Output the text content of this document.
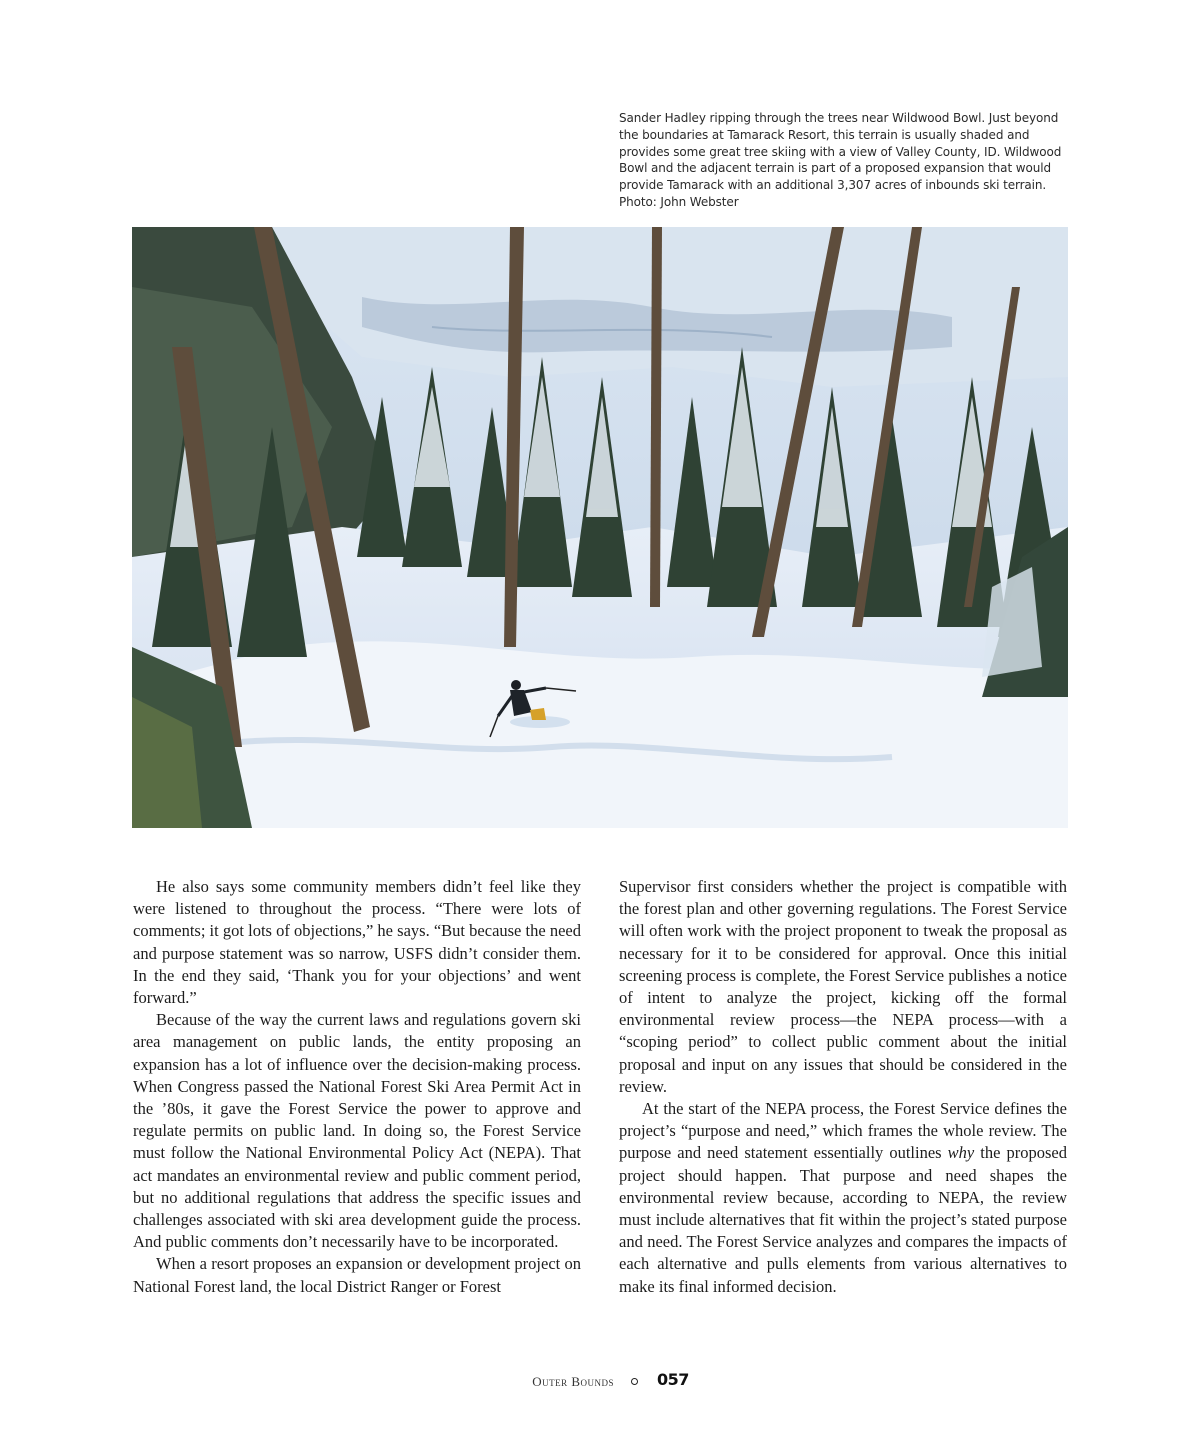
Sander Hadley ripping through the trees near Wildwood Bowl. Just beyond the boundaries at Tamarack Resort, this terrain is usually shaded and provides some great tree skiing with a view of Valley County, ID. Wildwood Bowl and the adjacent terrain is part of a proposed expansion that would provide Tamarack with an additional 3,307 acres of inbounds ski terrain.
Photo: John Webster

He also says some community members didn’t feel like they were listened to throughout the process. “There were lots of comments; it got lots of objections,” he says. “But because the need and purpose statement was so narrow, USFS didn’t consider them. In the end they said, ‘Thank you for your objections’ and went forward.”

Because of the way the current laws and regulations govern ski area management on public lands, the entity proposing an expansion has a lot of influence over the decision-making process. When Congress passed the National Forest Ski Area Permit Act in the ’80s, it gave the Forest Service the power to approve and regulate permits on public land. In doing so, the Forest Service must follow the National Environmental Policy Act (NEPA). That act mandates an environmental review and public comment period, but no additional regulations that address the specific issues and challenges associated with ski area development guide the process. And public comments don’t necessarily have to be incorporated.

When a resort proposes an expansion or development project on National Forest land, the local District Ranger or Forest

Supervisor first considers whether the project is compatible with the forest plan and other governing regulations. The Forest Service will often work with the project proponent to tweak the proposal as necessary for it to be considered for approval. Once this initial screening process is complete, the Forest Service publishes a notice of intent to analyze the project, kicking off the formal environmental review process—the NEPA process—with a “scoping period” to collect public comment about the initial proposal and input on any issues that should be considered in the review.

At the start of the NEPA process, the Forest Service defines the project’s “purpose and need,” which frames the whole review. The purpose and need statement essentially outlines why the proposed project should happen. That purpose and need shapes the environmental review because, according to NEPA, the review must include alternatives that fit within the project’s stated purpose and need. The Forest Service analyzes and compares the impacts of each alternative and pulls elements from various alternatives to make its final informed decision.

Outer Bounds	057
